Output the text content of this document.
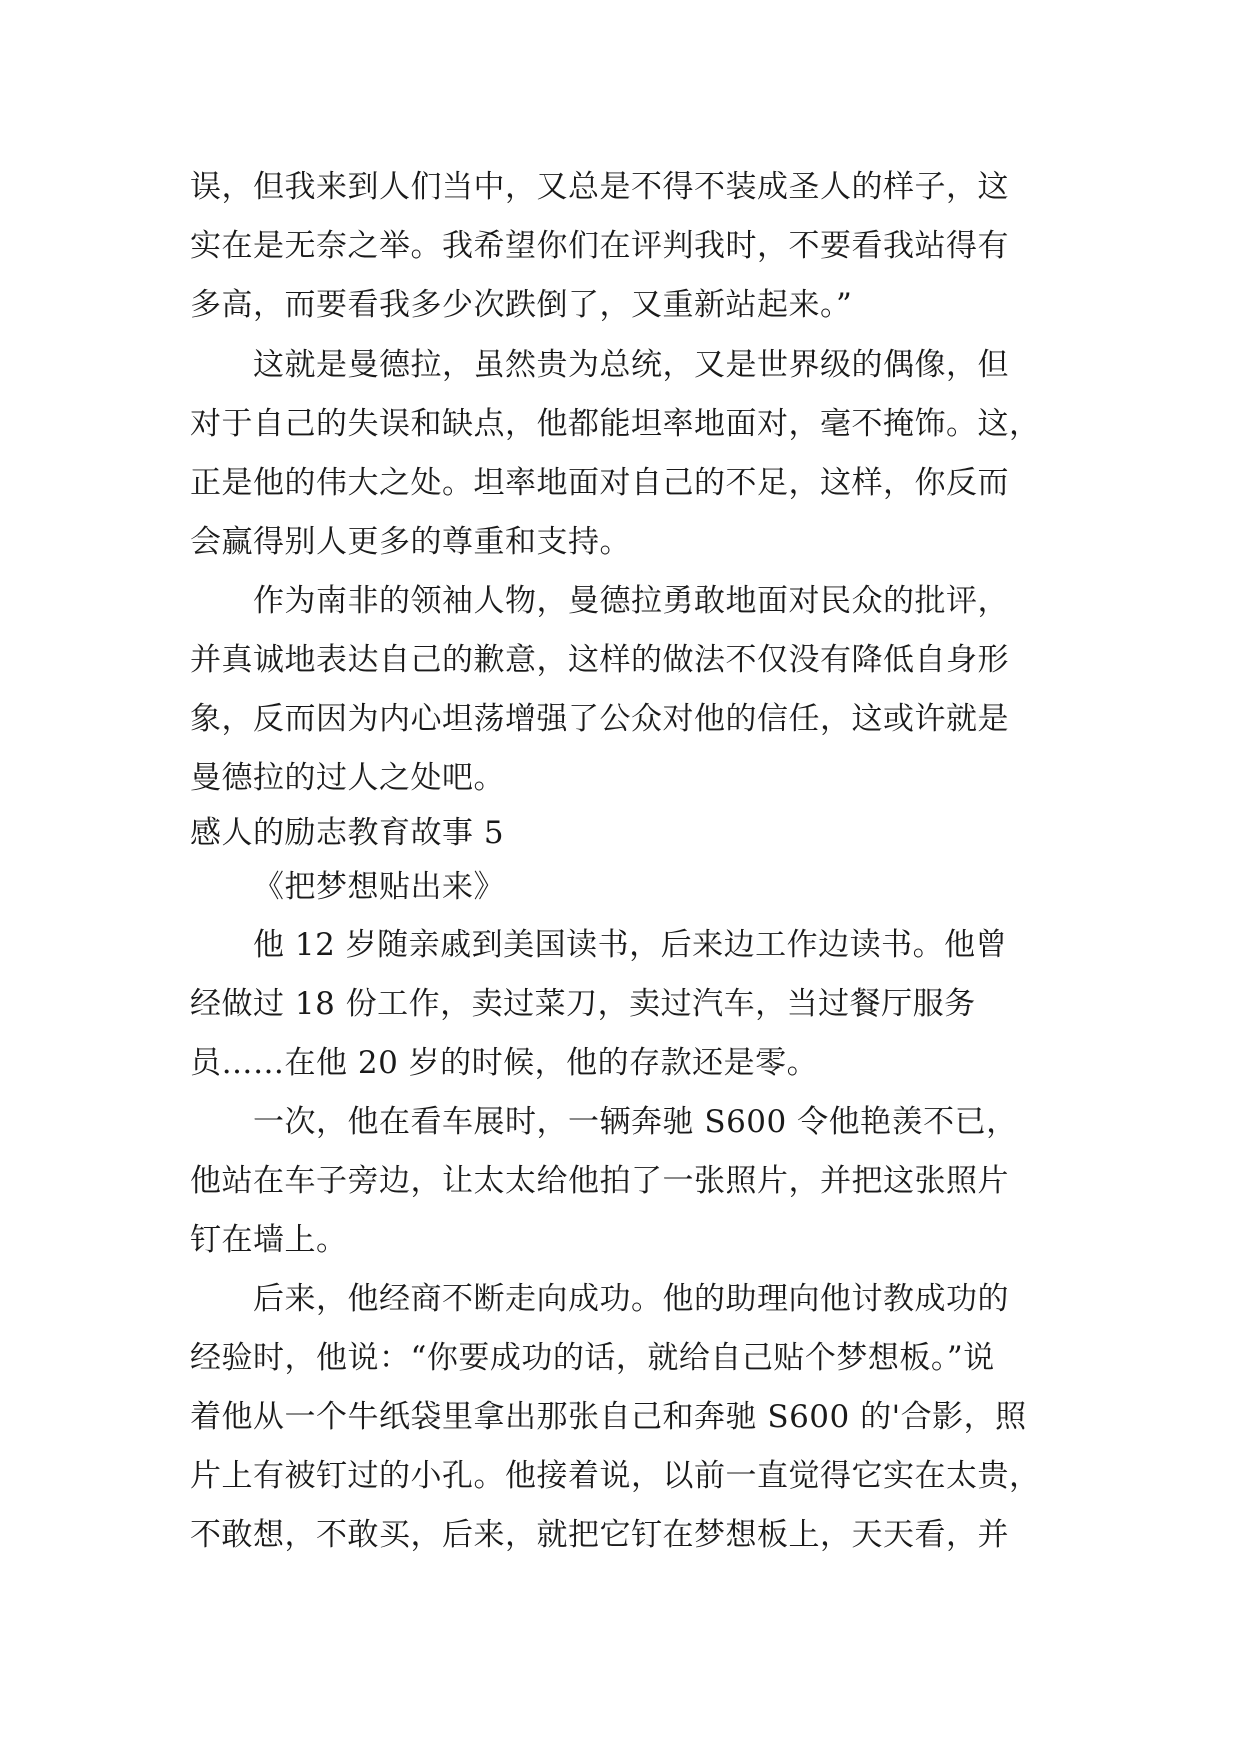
误，但我来到人们当中，又总是不得不装成圣人的样子，这
实在是无奈之举。我希望你们在评判我时，不要看我站得有
多高，而要看我多少次跌倒了，又重新站起来。”
这就是曼德拉，虽然贵为总统，又是世界级的偶像，但
对于自己的失误和缺点，他都能坦率地面对，毫不掩饰。这，
正是他的伟大之处。坦率地面对自己的不足，这样，你反而
会赢得别人更多的尊重和支持。
作为南非的领袖人物，曼德拉勇敢地面对民众的批评，
并真诚地表达自己的歉意，这样的做法不仅没有降低自身形
象，反而因为内心坦荡增强了公众对他的信任，这或许就是
曼德拉的过人之处吧。
感人的励志教育故事 5
《把梦想贴出来》
他 12 岁随亲戚到美国读书，后来边工作边读书。他曾
经做过 18 份工作，卖过菜刀，卖过汽车，当过餐厅服务
员……在他 20 岁的时候，他的存款还是零。
一次，他在看车展时，一辆奔驰 S600 令他艳羡不已，
他站在车子旁边，让太太给他拍了一张照片，并把这张照片
钉在墙上。
后来，他经商不断走向成功。他的助理向他讨教成功的
经验时，他说：“你要成功的话，就给自己贴个梦想板。”说
着他从一个牛纸袋里拿出那张自己和奔驰 S600 的'合影，照
片上有被钉过的小孔。他接着说，以前一直觉得它实在太贵，
不敢想，不敢买，后来，就把它钉在梦想板上，天天看，并
